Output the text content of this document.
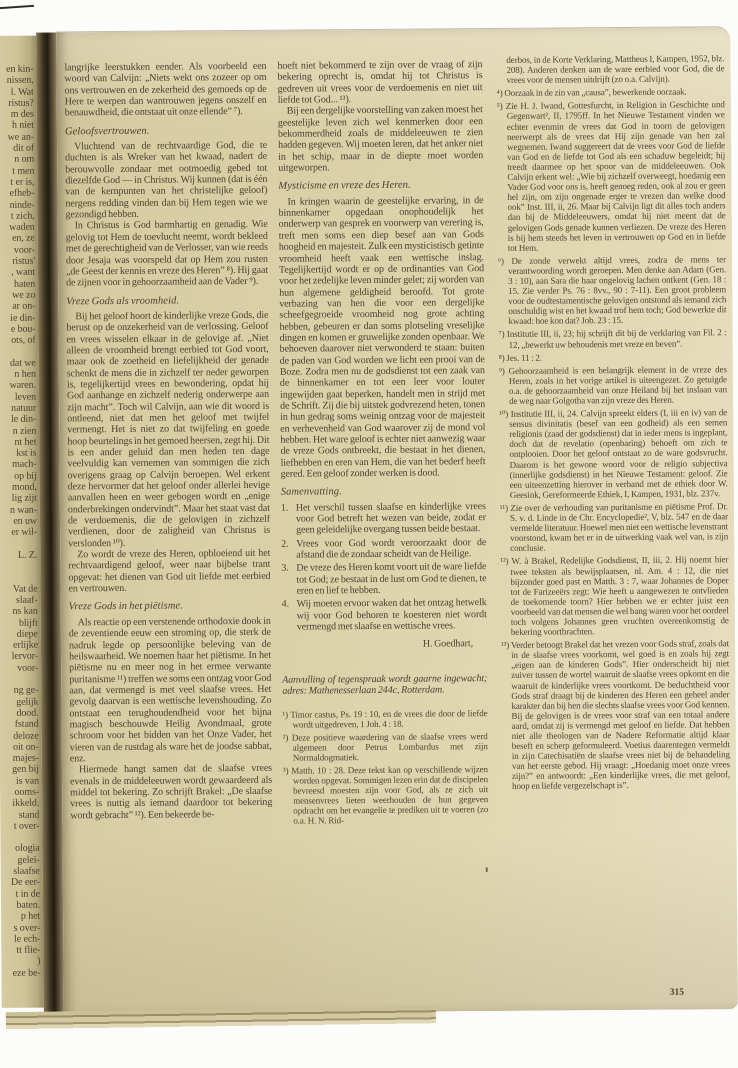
en kin-
nissen,
l. Wat
ristus?
m des
h niet
we an-
dit of
n om
t men
t er is,
efheb-
ninde-
t zich,
waden
en, ze
voor-
ristus'
, want
haten
we zo
ar on-
ie din-
e bou-
ots, of
dat we
n hen
waren.
leven
natuur
le din-
n zien
nt het
kst is
mach-
op bij
mond,
lig zijt
n wan-
en uw
er wil-
L. Z.
Vat de
slaaf-
ns kan
blijft
diepe
erlijke
lervor-
voor-
ng ge-
gelijk
dood.
fstand
deloze
oit on-
majes-
gen bij
is van
ooms-
ikkeld.
stand
t over-
ologia
gelei-
slaafse
De eer-
t in de
baten.
p het
s over-
le ech-
tt flie-
)
eze be-

langrijke leerstukken eender. Als voorbeeld een woord van Calvijn: „Niets wekt ons zozeer op om ons vertrouwen en de zekerheid des gemoeds op de Here te werpen dan wantrouwen jegens onszelf en benauwdheid, die ontstaat uit onze ellende” ⁷).

Geloofsvertrouwen.

Vluchtend van de rechtvaardige God, die te duchten is als Wreker van het kwaad, nadert de berouwvolle zondaar met ootmoedig gebed tot diezelfde God — in Christus. Wij kunnen (dat is één van de kernpunten van het christelijke geloof) nergens redding vinden dan bij Hem tegen wie we gezondigd hebben.

In Christus is God barmhartig en genadig. Wie gelovig tot Hem de toevlucht neemt, wordt bekleed met de gerechtigheid van de Verlosser, van wie reeds door Jesaja was voorspeld dat op Hem zou rusten „de Geest der kennis en vreze des Heren” ⁸). Hij gaat de zijnen voor in gehoorzaamheid aan de Vader ⁹).

Vreze Gods als vroomheid.

Bij het geloof hoort de kinderlijke vreze Gods, die berust op de onzekerheid van de verlossing. Geloof en vrees wisselen elkaar in de gelovige af. „Niet alleen de vroomheid brengt eerbied tot God voort, maar ook de zoetheid en liefelijkheid der genade schenkt de mens die in zichzelf ter neder geworpen is, tegelijkertijd vrees en bewondering, opdat hij God aanhange en zichzelf nederig onderwerpe aan zijn macht”. Toch wil Calvijn, aan wie dit woord is ontleend, niet dat men het geloof met twijfel vermengt. Het is niet zo dat twijfeling en goede hoop beurtelings in het gemoed heersen, zegt hij. Dit is een ander geluid dan men heden ten dage veelvuldig kan vernemen van sommigen die zich overigens graag op Calvijn beroepen. Wel erkent deze hervormer dat het geloof onder allerlei hevige aanvallen heen en weer gebogen wordt en „enige onderbrekingen ondervindt”. Maar het staat vast dat de verdoemenis, die de gelovigen in zichzelf verdienen, door de zaligheid van Christus is verslonden ¹⁰).

Zo wordt de vreze des Heren, opbloeiend uit het rechtvaardigend geloof, weer naar bijbelse trant opgevat: het dienen van God uit liefde met eerbied en vertrouwen.

Vreze Gods in het piëtisme.

Als reactie op een verstenende orthodoxie dook in de zeventiende eeuw een stroming op, die sterk de nadruk legde op persoonlijke beleving van de heilswaarheid. We noemen haar het piëtisme. In het piëtisme nu en meer nog in het ermee verwante puritanisme ¹¹) treffen we soms een ontzag voor God aan, dat vermengd is met veel slaafse vrees. Het gevolg daarvan is een wettische levenshouding. Zo ontstaat een terughoudendheid voor het bijna magisch beschouwde Heilig Avondmaal, grote schroom voor het bidden van het Onze Vader, het vieren van de rustdag als ware het de joodse sabbat, enz.

Hiermede hangt samen dat de slaafse vrees evenals in de middeleeuwen wordt gewaardeerd als middel tot bekering. Zo schrijft Brakel: „De slaafse vrees is nuttig als iemand daardoor tot bekering wordt gebracht” ¹²). Een bekeerde be-

hoeft niet bekommerd te zijn over de vraag of zijn bekering oprecht is, omdat hij tot Christus is gedreven uit vrees voor de verdoemenis en niet uit liefde tot God... ¹³).

Bij een dergelijke voorstelling van zaken moest het geestelijke leven zich wel kenmerken door een bekommerdheid zoals de middeleeuwen te zien hadden gegeven. Wij moeten leren, dat het anker niet in het schip, maar in de diepte moet worden uitgeworpen.

Mysticisme en vreze des Heren.

In kringen waarin de geestelijke ervaring, in de binnenkamer opgedaan onophoudelijk het onderwerp van gesprek en voorwerp van verering is, treft men soms een diep besef aan van Gods hoogheid en majesteit. Zulk een mysticistisch getinte vroomheid heeft vaak een wettische inslag. Tegelijkertijd wordt er op de ordinanties van God voor het zedelijke leven minder gelet; zij worden van hun algemene geldigheid beroofd. Tot grote verbazing van hen die voor een dergelijke scheefgegroeide vroomheid nog grote achting hebben, gebeuren er dan soms plotseling vreselijke dingen en komen er gruwelijke zonden openbaar. We behoeven daarover niet verwonderd te staan: buiten de paden van God worden we licht een prooi van de Boze. Zodra men nu de godsdienst tot een zaak van de binnenkamer en tot een leer voor louter ingewijden gaat beperken, handelt men in strijd met de Schrift. Zij die bij uitstek godvrezend heten, tonen in hun gedrag soms weinig ontzag voor de majesteit en verhevenheid van God waarover zij de mond vol hebben. Het ware geloof is echter niet aanwezig waar de vreze Gods ontbreekt, die bestaat in het dienen, liefhebben en eren van Hem, die van het bederf heeft gered. Een geloof zonder werken is dood.

Samenvatting.
1. Het verschil tussen slaafse en kinderlijke vrees voor God betreft het wezen van beide, zodat er geen geleidelijke overgang tussen beide bestaat.
2. Vrees voor God wordt veroorzaakt door de afstand die de zondaar scheidt van de Heilige.
3. De vreze des Heren komt voort uit de ware liefde tot God; ze bestaat in de lust om God te dienen, te eren en lief te hebben.
4. Wij moeten ervoor waken dat het ontzag hetwelk wij voor God behoren te koesteren niet wordt vermengd met slaafse en wettische vrees.
H. Goedhart,
Aanvulling of tegenspraak wordt gaarne ingewacht; adres: Mathenesserlaan 244c, Rotterdam.
¹) Timor castus, Ps. 19 : 10, en de vrees die door de liefde wordt uitgedreven, 1 Joh. 4 : 18.
²) Deze positieve waardering van de slaafse vrees werd algemeen door Petrus Lombardus met zijn Normaldogmatiek.
³) Matth. 10 : 28. Deze tekst kan op verschillende wijzen worden opgevat. Sommigen lezen erin dat de discipelen bevreesd moesten zijn voor God, als ze zich uit mensenvrees lieten weerhouden de hun gegeven opdracht om het evangelie te prediken uit te voeren (zo o.a. H. N. Rid-
derbos, in de Korte Verklaring, Mattheus I, Kampen, 1952, blz. 208). Anderen denken aan de ware eerbied voor God, die de vrees voor de mensen uitdrijft (zo o.a. Calvijn).
⁴) Oorzaak in de zin van „causa”, bewerkende oorzaak.
⁵) Zie H. J. Iwand, Gottesfurcht, in Religion in Geschichte und Gegenwart², II, 1795ff. In het Nieuwe Testament vinden we echter evenmin de vrees dat God in toorn de gelovigen neerwerpt als de vrees dat Hij zijn genade van hen zal wegnemen. Iwand suggereert dat de vrees voor God de liefde van God en de liefde tot God als een schaduw begeleidt; hij treedt daarmee op het spoor van de middeleeuwen. Ook Calvijn erkent wel: „Wie bij zichzelf overweegt, hoedanig een Vader God voor ons is, heeft genoeg reden, ook al zou er geen hel zijn, om zijn ongenade erger te vrezen dan welke dood ook” Inst. III, ii, 26. Maar bij Calvijn ligt dit alles toch anders dan bij de Middeleeuwers, omdat hij niet meent dat de gelovigen Gods genade kunnen verliezen. De vreze des Heren is bij hem steeds het leven in vertrouwen op God en in liefde tot Hem.
⁶) De zonde verwekt altijd vrees, zodra de mens ter verantwoording wordt geroepen. Men denke aan Adam (Gen. 3 : 10), aan Sara die haar ongelovig lachen ontkent (Gen. 18 : 15. Zie verder Ps. 76 : 8vv., 90 : 7-11). Een groot probleem voor de oudtestamentische gelovigen ontstond als iemand zich onschuldig wist en het kwaad trof hem toch; God bewerkte dit kwaad: hoe kon dat? Job. 23 : 15.
⁷) Institutie III, ii, 23; hij schrijft dit bij de verklaring van Fil. 2 : 12, „bewerkt uw behoudenis met vreze en beven”.
⁸) Jes. 11 : 2.
⁹) Gehoorzaamheid is een belangrijk element in de vreze des Heren, zoals in het vorige artikel is uiteengezet. Zo getuigde o.a. de gehoorzaamheid van onze Heiland bij het inslaan van de weg naar Golgotha van zijn vreze des Heren.
¹⁰) Institutie III, ii, 24. Calvijn spreekt elders (I, iii en iv) van de sensus divinitatis (besef van een godheid) als een semen religionis (zaad der godsdienst) dat in ieder mens is ingeplant, doch dat de revelatio (openbaring) behoeft om zich te ontplooien. Door het geloof ontstaat zo de ware godsvrucht. Daarom is het gewone woord voor de religio subjectiva (innerlijke godsdienst) in het Nieuwe Testament: geloof. Zie een uiteenzetting hierover in verband met de ethiek door W. Geesink, Gereformeerde Ethiek, I, Kampen, 1931, blz. 237v.
¹¹) Zie over de verhouding van puritanisme en piëtisme Prof. Dr. S. v. d. Linde in de Chr. Encyclopedie², V, blz. 547 en de daar vermelde literatuur. Hoewel men niet een wettische levenstrant voorstond, kwam het er in de uitwerking vaak wel van, is zijn conclusie.
¹²) W. à Brakel, Redelijke Godsdienst, II, iii, 2. Hij noemt hier twee teksten als bewijsplaatsen, nl. Am. 4 : 12, die niet bijzonder goed past en Matth. 3 : 7, waar Johannes de Doper tot de Farizeeërs zegt: Wie heeft u aangewezen te ontvlieden de toekomende toorn? Hier hebben we er echter juist een voorbeeld van dat mensen die wel bang waren voor het oordeel toch volgens Johannes geen vruchten overeenkomstig de bekering voortbrachten.
¹³) Verder betoogt Brakel dat het vrezen voor Gods straf, zoals dat in de slaafse vrees voorkomt, wel goed is en zoals hij zegt „eigen aan de kinderen Gods”. Hier onderscheidt hij niet zuiver tussen de wortel waaruit de slaafse vrees opkomt en die waaruit de kinderlijke vrees voortkomt. De beduchtheid voor Gods straf draagt bij de kinderen des Heren een geheel ander karakter dan bij hen die slechts slaafse vrees voor God kennen. Bij de gelovigen is de vrees voor straf van een totaal andere aard, omdat zij is vermengd met geloof en liefde. Dat hebben niet alle theologen van de Nadere Reformatie altijd klaar beseft en scherp geformuleerd. Voetius daarentegen vermeldt in zijn Catechisatiën de slaafse vrees niet bij de behandeling van het eerste gebod. Hij vraagt: „Hoedanig moet onze vrees zijn?” en antwoordt: „Een kinderlijke vrees, die met geloof, hoop en liefde vergezelschapt is”.
315
